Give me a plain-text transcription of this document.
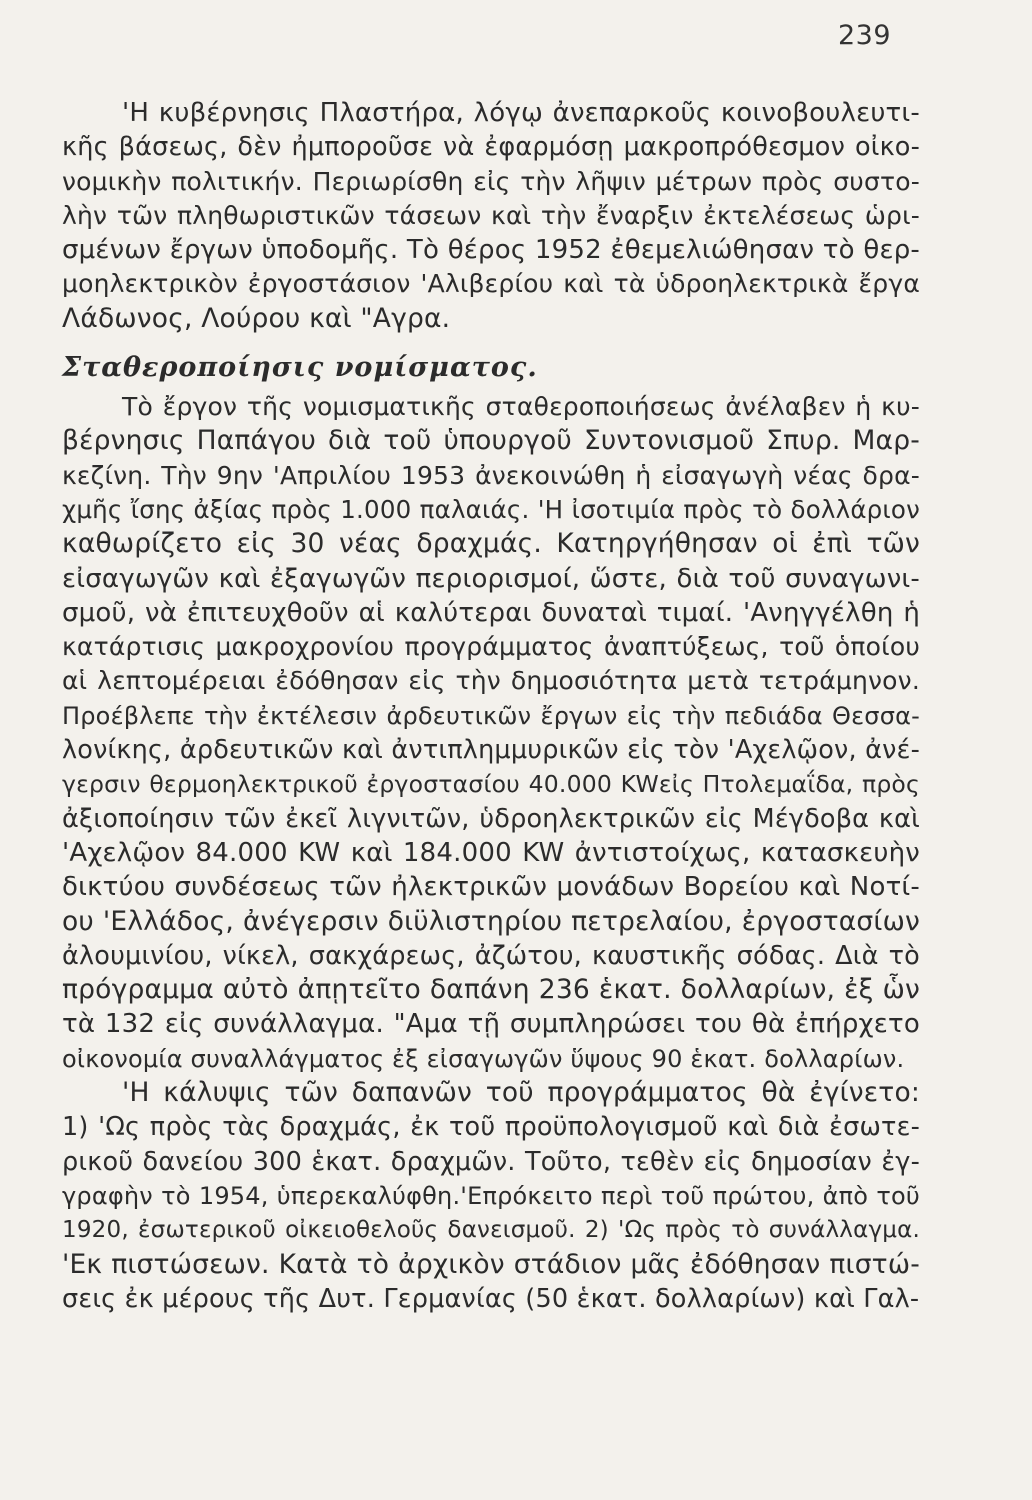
239
'Η κυβέρνησις Πλαστήρα, λόγῳ ἀνεπαρκοῦς κοινοβουλευτι-
κῆς βάσεως, δὲν ἠμποροῦσε νὰ ἐφαρμόσῃ μακροπρόθεσμον οἰκο-
νομικὴν πολιτικήν. Περιωρίσθη εἰς τὴν λῆψιν μέτρων πρὸς συστο-
λὴν τῶν πληθωριστικῶν τάσεων καὶ τὴν ἔναρξιν ἐκτελέσεως ὡρι-
σμένων ἔργων ὑποδομῆς. Τὸ θέρος 1952 ἐθεμελιώθησαν τὸ θερ-
μοηλεκτρικὸν ἐργοστάσιον 'Αλιβερίου καὶ τὰ ὑδροηλεκτρικὰ ἔργα
Λάδωνος, Λούρου καὶ "Αγρα.
Σταθεροποίησις νομίσματος.
Τὸ ἔργον τῆς νομισματικῆς σταθεροποιήσεως ἀνέλαβεν ἡ κυ-
βέρνησις Παπάγου διὰ τοῦ ὑπουργοῦ Συντονισμοῦ Σπυρ. Μαρ-
κεζίνη. Τὴν 9ην 'Απριλίου 1953 ἀνεκοινώθη ἡ εἰσαγωγὴ νέας δρα-
χμῆς ἴσης ἀξίας πρὸς 1.000 παλαιάς. 'Η ἰσοτιμία πρὸς τὸ δολλάριον
καθωρίζετο εἰς 30 νέας δραχμάς. Κατηργήθησαν οἱ ἐπὶ τῶν
εἰσαγωγῶν καὶ ἐξαγωγῶν περιορισμοί, ὥστε, διὰ τοῦ συναγωνι-
σμοῦ, νὰ ἐπιτευχθοῦν αἱ καλύτεραι δυναταὶ τιμαί. 'Ανηγγέλθη ἡ
κατάρτισις μακροχρονίου προγράμματος ἀναπτύξεως, τοῦ ὁποίου
αἱ λεπτομέρειαι ἐδόθησαν εἰς τὴν δημοσιότητα μετὰ τετράμηνον.
Προέβλεπε τὴν ἐκτέλεσιν ἀρδευτικῶν ἔργων εἰς τὴν πεδιάδα Θεσσα-
λονίκης, ἀρδευτικῶν καὶ ἀντιπλημμυρικῶν εἰς τὸν 'Αχελῷον, ἀνέ-
γερσιν θερμοηλεκτρικοῦ ἐργοστασίου 40.000 KWεἰς Πτολεμαΐδα, πρὸς
ἀξιοποίησιν τῶν ἐκεῖ λιγνιτῶν, ὑδροηλεκτρικῶν εἰς Μέγδοβα καὶ
'Αχελῷον 84.000 KW καὶ 184.000 KW ἀντιστοίχως, κατασκευὴν
δικτύου συνδέσεως τῶν ἠλεκτρικῶν μονάδων Βορείου καὶ Νοτί-
ου 'Ελλάδος, ἀνέγερσιν διϋλιστηρίου πετρελαίου, ἐργοστασίων
ἀλουμινίου, νίκελ, σακχάρεως, ἀζώτου, καυστικῆς σόδας. Διὰ τὸ
πρόγραμμα αὐτὸ ἀπῃτεῖτο δαπάνη 236 ἑκατ. δολλαρίων, ἐξ ὧν
τὰ 132 εἰς συνάλλαγμα. "Αμα τῇ συμπληρώσει του θὰ ἐπήρχετο
οἰκονομία συναλλάγματος ἐξ εἰσαγωγῶν ὕψους 90 ἑκατ. δολλαρίων.
'Η κάλυψις τῶν δαπανῶν τοῦ προγράμματος θὰ ἐγίνετο:
1) 'Ως πρὸς τὰς δραχμάς, ἐκ τοῦ προϋπολογισμοῦ καὶ διὰ ἐσωτε-
ρικοῦ δανείου 300 ἑκατ. δραχμῶν. Τοῦτο, τεθὲν εἰς δημοσίαν ἐγ-
γραφὴν τὸ 1954, ὑπερεκαλύφθη.'Επρόκειτο περὶ τοῦ πρώτου, ἀπὸ τοῦ
1920, ἐσωτερικοῦ οἰκειοθελοῦς δανεισμοῦ. 2) 'Ως πρὸς τὸ συνάλλαγμα.
'Εκ πιστώσεων. Κατὰ τὸ ἀρχικὸν στάδιον μᾶς ἐδόθησαν πιστώ-
σεις ἐκ μέρους τῆς Δυτ. Γερμανίας (50 ἑκατ. δολλαρίων) καὶ Γαλ-
